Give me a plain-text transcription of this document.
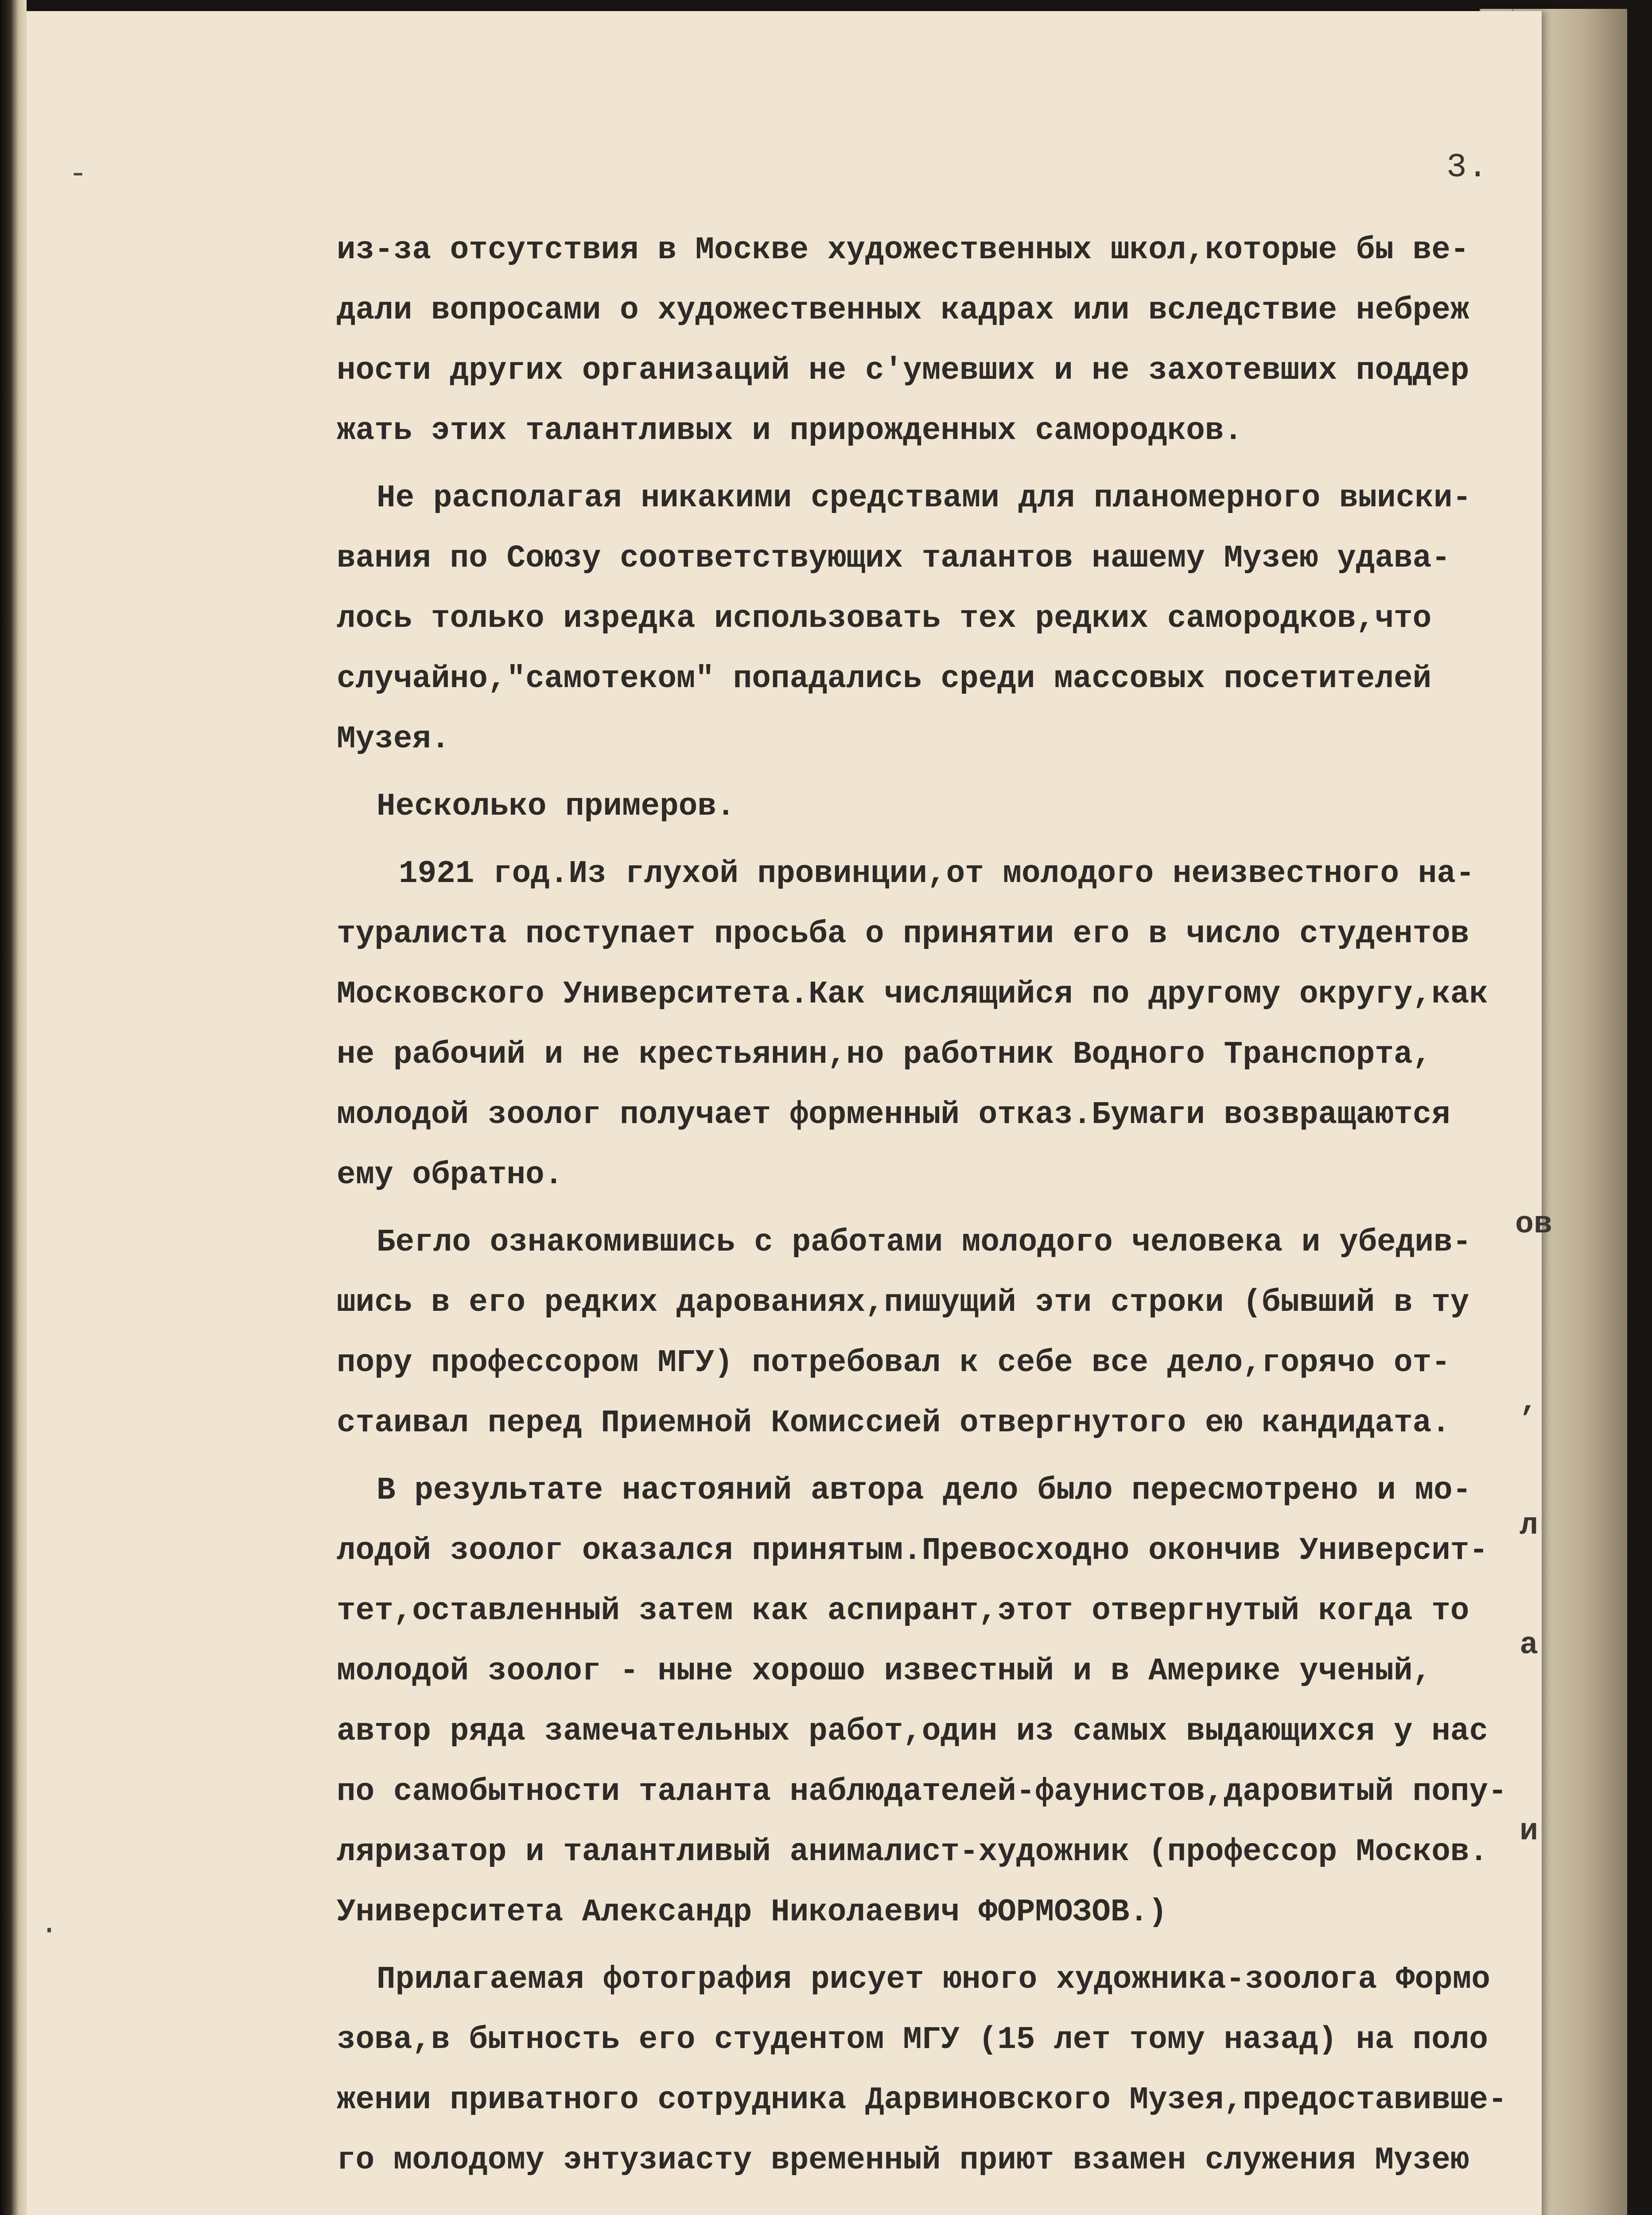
3.
-
.
из-за отсутствия в Москве художественных школ,которые бы ве-
дали вопросами о художественных кадрах или вследствие небреж
ности других организаций не с'умевших и не захотевших поддер
жать этих талантливых и прирожденных самородков.
Не располагая никакими средствами для планомерного выиски-
вания по Союзу соответствующих талантов нашему Музею удава-
лось только изредка использовать тех редких самородков,что
случайно,"самотеком" попадались среди массовых посетителей
Музея.
Несколько примеров.
1921 год.Из глухой провинции,от молодого неизвестного на-
туралиста поступает просьба о принятии его в число студентов
Московского Университета.Как числящийся по другому округу,как
не рабочий и не крестьянин,но работник Водного Транспорта,
молодой зоолог получает форменный отказ.Бумаги возвращаются
ему обратно.
Бегло ознакомившись с работами молодого человека и убедив-
шись в его редких дарованиях,пишущий эти строки (бывший в ту
пору профессором МГУ) потребовал к себе все дело,горячо от-
стаивал перед Приемной Комиссией отвергнутого ею кандидата.
В результате настояний автора дело было пересмотрено и мо-
лодой зоолог оказался принятым.Превосходно окончив Университ-
тет,оставленный затем как аспирант,этот отвергнутый когда то
молодой зоолог - ныне хорошо известный и в Америке ученый,
автор ряда замечательных работ,один из самых выдающихся у нас
по самобытности таланта наблюдателей-фаунистов,даровитый попу-
ляризатор и талантливый анималист-художник (профессор Москов.
Университета Александр Николаевич ФОРМОЗОВ.)
Прилагаемая фотография рисует юного художника-зоолога Формо
зова,в бытность его студентом МГУ (15 лет тому назад) на поло
жении приватного сотрудника Дарвиновского Музея,предоставивше-
го молодому энтузиасту временный приют взамен служения Музею
ов
,
л
а
и
